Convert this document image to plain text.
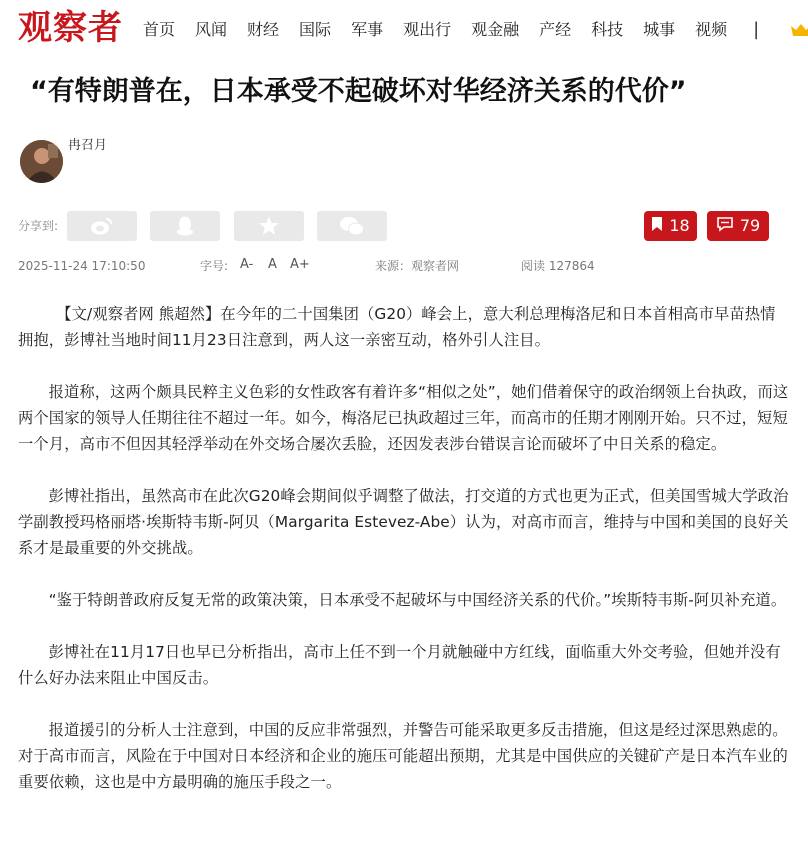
观察者 首页 风闻 财经 国际 军事 观出行 观金融 产经 科技 城事 视频 |
“有特朗普在，日本承受不起破坏对华经济关系的代价”
冉召月
分享到:	18	79
2025-11-24 17:10:50	字号: A- A A+	来源：观察者网	阅读 127864

【文/观察者网 熊超然】在今年的二十国集团（G20）峰会上，意大利总理梅洛尼和日本首相高市早苗热情拥抱，彭博社当地时间11月23日注意到，两人这一亲密互动，格外引人注目。

报道称，这两个颇具民粹主义色彩的女性政客有着许多“相似之处”，她们借着保守的政治纲领上台执政，而这两个国家的领导人任期往往不超过一年。如今，梅洛尼已执政超过三年，而高市的任期才刚刚开始。只不过，短短一个月，高市不但因其轻浮举动在外交场合屡次丢脸，还因发表涉台错误言论而破坏了中日关系的稳定。

彭博社指出，虽然高市在此次G20峰会期间似乎调整了做法，打交道的方式也更为正式，但美国雪城大学政治学副教授玛格丽塔·埃斯特韦斯-阿贝（Margarita Estevez-Abe）认为，对高市而言，维持与中国和美国的良好关系才是最重要的外交挑战。

“鉴于特朗普政府反复无常的政策决策，日本承受不起破坏与中国经济关系的代价。”埃斯特韦斯-阿贝补充道。

彭博社在11月17日也早已分析指出，高市上任不到一个月就触碰中方红线，面临重大外交考验，但她并没有什么好办法来阻止中国反击。

报道援引的分析人士注意到，中国的反应非常强烈，并警告可能采取更多反击措施，但这是经过深思熟虑的。对于高市而言，风险在于中国对日本经济和企业的施压可能超出预期，尤其是中国供应的关键矿产是日本汽车业的重要依赖，这也是中方最明确的施压手段之一。
